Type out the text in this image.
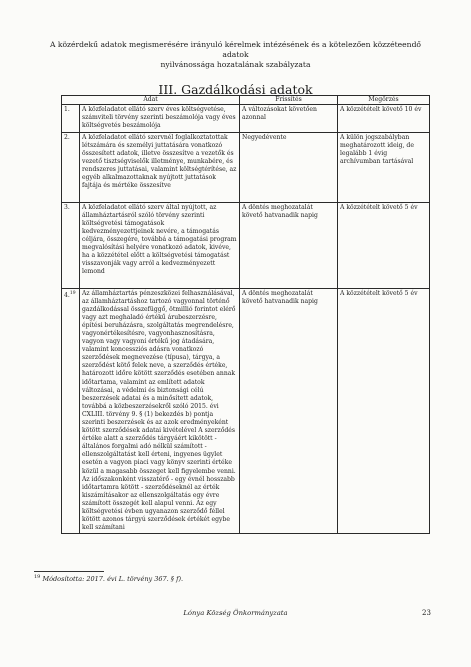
A közérdekű adatok megismerésére irányuló kérelmek intézésének és a kötelezően közzéteendő adatok
nyilvánossága hozatalának szabályzata
III. Gazdálkodási adatok
Adat		Frissítés	Megőrzés
1.	A közfeladatot ellátó szerv éves költségvetése, számviteli törvény szerinti beszámolója vagy éves költségvetés beszámolója	A változásokat követően azonnal	A közzétételt követő 10 év
2.	A közfeladatot ellátó szervnél foglalkoztatottak létszámára és személyi juttatására vonatkozó összesített adatok, illetve összesítve a vezetők és vezető tisztségviselők illetménye, munkabére, és rendszeres juttatásai, valamint költségtérítése, az egyéb alkalmazottaknak nyújtott juttatások fajtája és mértéke összesítve	Negyedévente	A külön jogszabályban meghatározott ideig, de legalább 1 évig archívumban tartásával
3.	A közfeladatot ellátó szerv által nyújtott, az államháztartásról szóló törvény szerinti költségvetési támogatások kedvezményezettjeinek nevére, a támogatás céljára, összegére, továbbá a támogatási program megvalósítási helyére vonatkozó adatok, kivéve, ha a közzététel előtt a költségvetési támogatást visszavonják vagy arról a kedvezményezett lemond	A döntés meghozatalát követő hatvanadik napig	A közzétételt követő 5 év
4.19	Az államháztartás pénzeszközei felhasználásával, az államháztartáshoz tartozó vagyonnal történő gazdálkodással összefüggő, ötmillió forintot elérő vagy azt meghaladó értékű árubeszerzésre, építési beruházásra, szolgáltatás megrendelésre, vagyonértékesítésre, vagyonhasznosításra, vagyon vagy vagyoni értékű jog átadására, valamint koncessziós adásra vonatkozó szerződések megnevezése (típusa), tárgya, a szerződést kötő felek neve, a szerződés értéke, határozott időre kötött szerződés esetében annak időtartama, valamint az említett adatok változásai, a védelmi és biztonsági célú beszerzések adatai és a minősített adatok, továbbá a közbeszerzésekről szóló 2015. évi CXLIII. törvény 9. § (1) bekezdés b) pontja szerinti beszerzések és az azok eredményeként kötött szerződések adatai kivételével A szerződés értéke alatt a szerződés tárgyáért kikötött - általános forgalmi adó nélkül számított - ellenszolgáltatást kell érteni, ingyenes ügylet esetén a vagyon piaci vagy könyv szerinti értéke közül a magasabb összeget kell figyelembe venni. Az időszakonként visszatérő - egy évnél hosszabb időtartamra kötött - szerződéseknél az érték kiszámításakor az ellenszolgáltatás egy évre számított összegét kell alapul venni. Az egy költségvetési évben ugyanazon szerződő féllel kötött azonos tárgyú szerződések értékét egybe kell számítani	A döntés meghozatalát követő hatvanadik napig	A közzétételt követő 5 év
$^{19}$ Módosította: 2017. évi L. törvény 367. § f).
Lónya Község Önkormányzata	23
